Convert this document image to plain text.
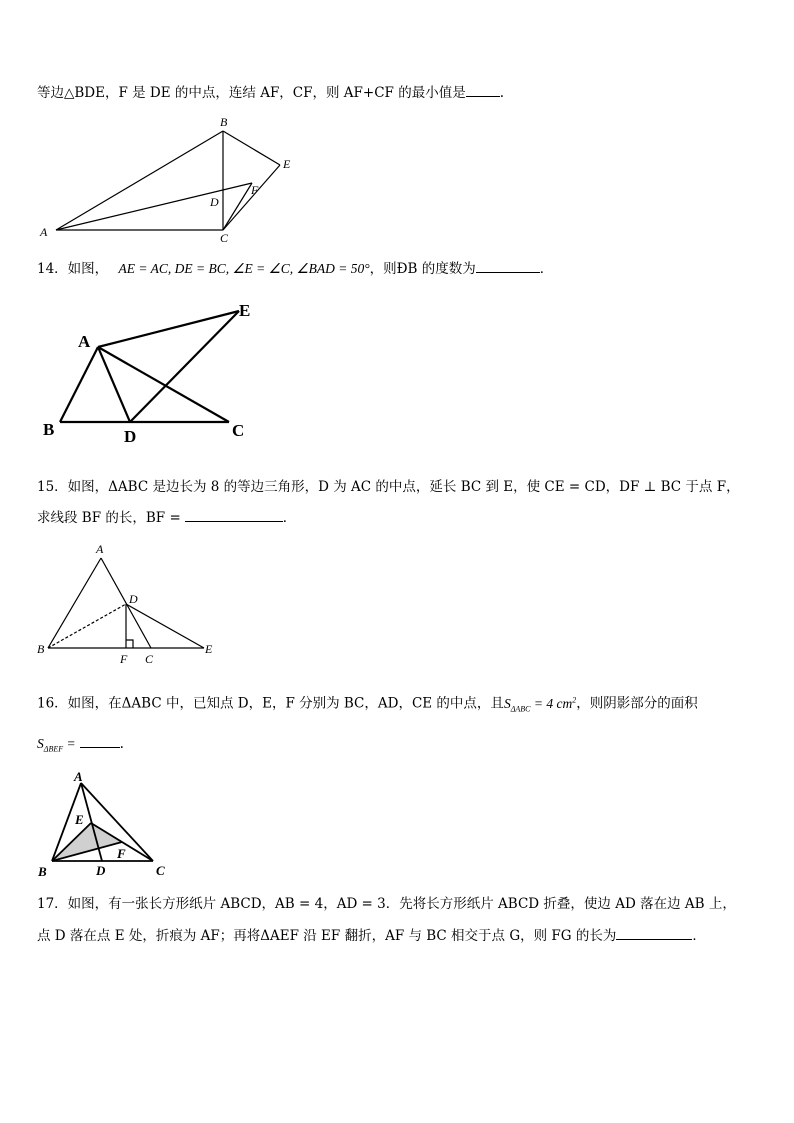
等边△BDE，F 是 DE 的中点，连结 AF，CF，则 AF+CF 的最小值是	.
A
B
C
D
E
F
14．如图， AE = AC, DE = BC, ∠E = ∠C, ∠BAD = 50°，则ÐB 的度数为	．
A
B	C
D
E
15．如图，ΔABC 是边长为 8 的等边三角形，D 为 AC 的中点，延长 BC 到 E，使 CE = CD，DF ⊥ BC 于点 F，
求线段 BF 的长，BF =	．
A
B
C
D
E
F
16．如图，在ΔABC 中，已知点 D，E，F 分别为 BC，AD，CE 的中点，且$S_{\Delta ABC} = 4$ $cm^2$，则阴影部分的面积
$S_{\Delta BEF}$ =	.
A
B	C
D
E
F
17．如图，有一张长方形纸片 ABCD，AB = 4，AD = 3．先将长方形纸片 ABCD 折叠，使边 AD 落在边 AB 上，
点 D 落在点 E 处，折痕为 AF；再将ΔAEF 沿 EF 翻折，AF 与 BC 相交于点 G，则 FG 的长为	．
